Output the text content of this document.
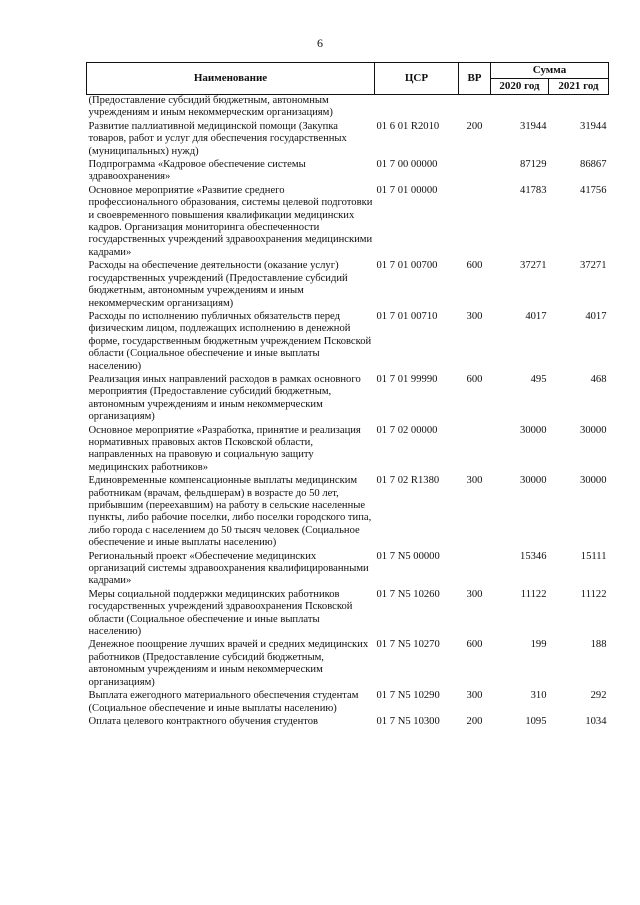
6
Наименование	ЦСР	ВР	Сумма	
			2020 год	2021 год
(Предоставление субсидий бюджетным, автономным учреждениям и иным некоммерческим организациям)				
Развитие паллиативной медицинской помощи (Закупка товаров, работ и услуг для обеспечения государственных (муниципальных) нужд)	01 6 01 R2010	200	31944	31944
Подпрограмма «Кадровое обеспечение системы здравоохранения»	01 7 00 00000		87129	86867
Основное мероприятие «Развитие среднего профессионального образования, системы целевой подготовки и своевременного повышения квалификации медицинских кадров. Организация мониторинга обеспеченности государственных учреждений здравоохранения медицинскими кадрами»	01 7 01 00000		41783	41756
Расходы на обеспечение деятельности (оказание услуг) государственных учреждений (Предоставление субсидий бюджетным, автономным учреждениям и иным некоммерческим организациям)	01 7 01 00700	600	37271	37271
Расходы по исполнению публичных обязательств перед физическим лицом, подлежащих исполнению в денежной форме, государственным бюджетным учреждением Псковской области (Социальное обеспечение и иные выплаты населению)	01 7 01 00710	300	4017	4017
Реализация иных направлений расходов в рамках основного мероприятия (Предоставление субсидий бюджетным, автономным учреждениям и иным некоммерческим организациям)	01 7 01 99990	600	495	468
Основное мероприятие «Разработка, принятие и реализация нормативных правовых актов Псковской области, направленных на правовую и социальную защиту медицинских работников»	01 7 02 00000		30000	30000
Единовременные компенсационные выплаты медицинским работникам (врачам, фельдшерам) в возрасте до 50 лет, прибывшим (переехавшим) на работу в сельские населенные пункты, либо рабочие поселки, либо поселки городского типа, либо города с населением до 50 тысяч человек (Социальное обеспечение и иные выплаты населению)	01 7 02 R1380	300	30000	30000
Региональный проект «Обеспечение медицинских организаций системы здравоохранения квалифицированными кадрами»	01 7 N5 00000		15346	15111
Меры социальной поддержки медицинских работников государственных учреждений здравоохранения Псковской области (Социальное обеспечение и иные выплаты населению)	01 7 N5 10260	300	11122	11122
Денежное поощрение лучших врачей и средних медицинских работников (Предоставление субсидий бюджетным, автономным учреждениям и иным некоммерческим организациям)	01 7 N5 10270	600	199	188
Выплата ежегодного материального обеспечения студентам (Социальное обеспечение и иные выплаты населению)	01 7 N5 10290	300	310	292
Оплата целевого контрактного обучения студентов	01 7 N5 10300	200	1095	1034
